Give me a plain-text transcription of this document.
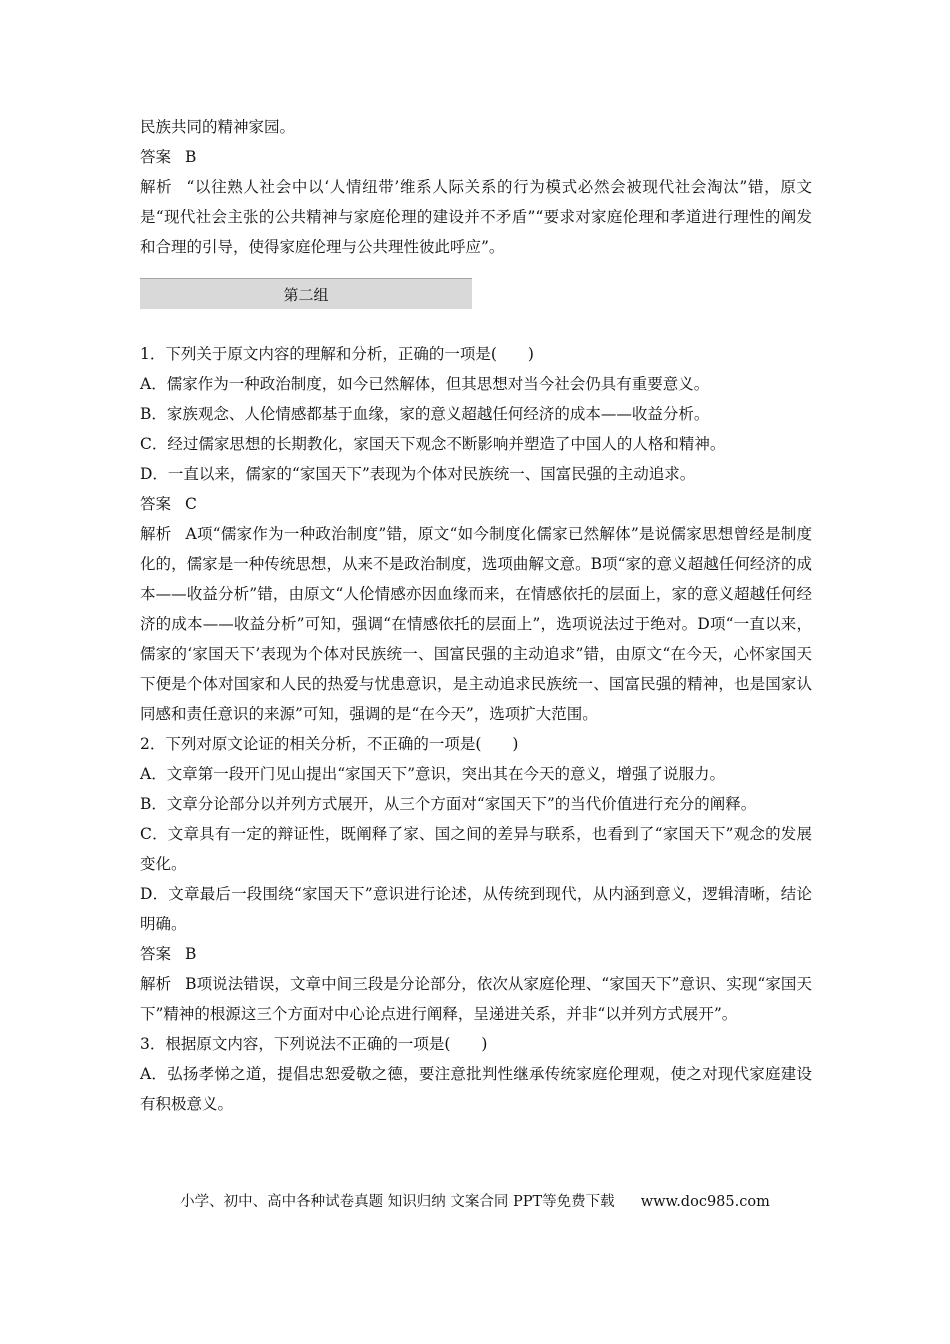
民族共同的精神家园。

答案 B

解析 “以往熟人社会中以‘人情纽带’维系人际关系的行为模式必然会被现代社会淘汰”错，原文是“现代社会主张的公共精神与家庭伦理的建设并不矛盾”“要求对家庭伦理和孝道进行理性的阐发和合理的引导，使得家庭伦理与公共理性彼此呼应”。

第二组

1．下列关于原文内容的理解和分析，正确的一项是(　　)

A．儒家作为一种政治制度，如今已然解体，但其思想对当今社会仍具有重要意义。

B．家族观念、人伦情感都基于血缘，家的意义超越任何经济的成本——收益分析。

C．经过儒家思想的长期教化，家国天下观念不断影响并塑造了中国人的人格和精神。

D．一直以来，儒家的“家国天下”表现为个体对民族统一、国富民强的主动追求。

答案 C

解析 A项“儒家作为一种政治制度”错，原文“如今制度化儒家已然解体”是说儒家思想曾经是制度化的，儒家是一种传统思想，从来不是政治制度，选项曲解文意。B项“家的意义超越任何经济的成本——收益分析”错，由原文“人伦情感亦因血缘而来，在情感依托的层面上，家的意义超越任何经济的成本——收益分析”可知，强调“在情感依托的层面上”，选项说法过于绝对。D项“一直以来，儒家的‘家国天下’表现为个体对民族统一、国富民强的主动追求”错，由原文“在今天，心怀家国天下便是个体对国家和人民的热爱与忧患意识，是主动追求民族统一、国富民强的精神，也是国家认同感和责任意识的来源”可知，强调的是“在今天”，选项扩大范围。

2．下列对原文论证的相关分析，不正确的一项是(　　)

A．文章第一段开门见山提出“家国天下”意识，突出其在今天的意义，增强了说服力。

B．文章分论部分以并列方式展开，从三个方面对“家国天下”的当代价值进行充分的阐释。

C．文章具有一定的辩证性，既阐释了家、国之间的差异与联系，也看到了“家国天下”观念的发展变化。

D．文章最后一段围绕“家国天下”意识进行论述，从传统到现代，从内涵到意义，逻辑清晰，结论明确。

答案 B

解析 B项说法错误，文章中间三段是分论部分，依次从家庭伦理、“家国天下”意识、实现“家国天下”精神的根源这三个方面对中心论点进行阐释，呈递进关系，并非“以并列方式展开”。

3．根据原文内容，下列说法不正确的一项是(　　)

A．弘扬孝悌之道，提倡忠恕爱敬之德，要注意批判性继承传统家庭伦理观，使之对现代家庭建设有积极意义。

小学、初中、高中各种试卷真题 知识归纳 文案合同 PPT等免费下载 www.doc985.com
